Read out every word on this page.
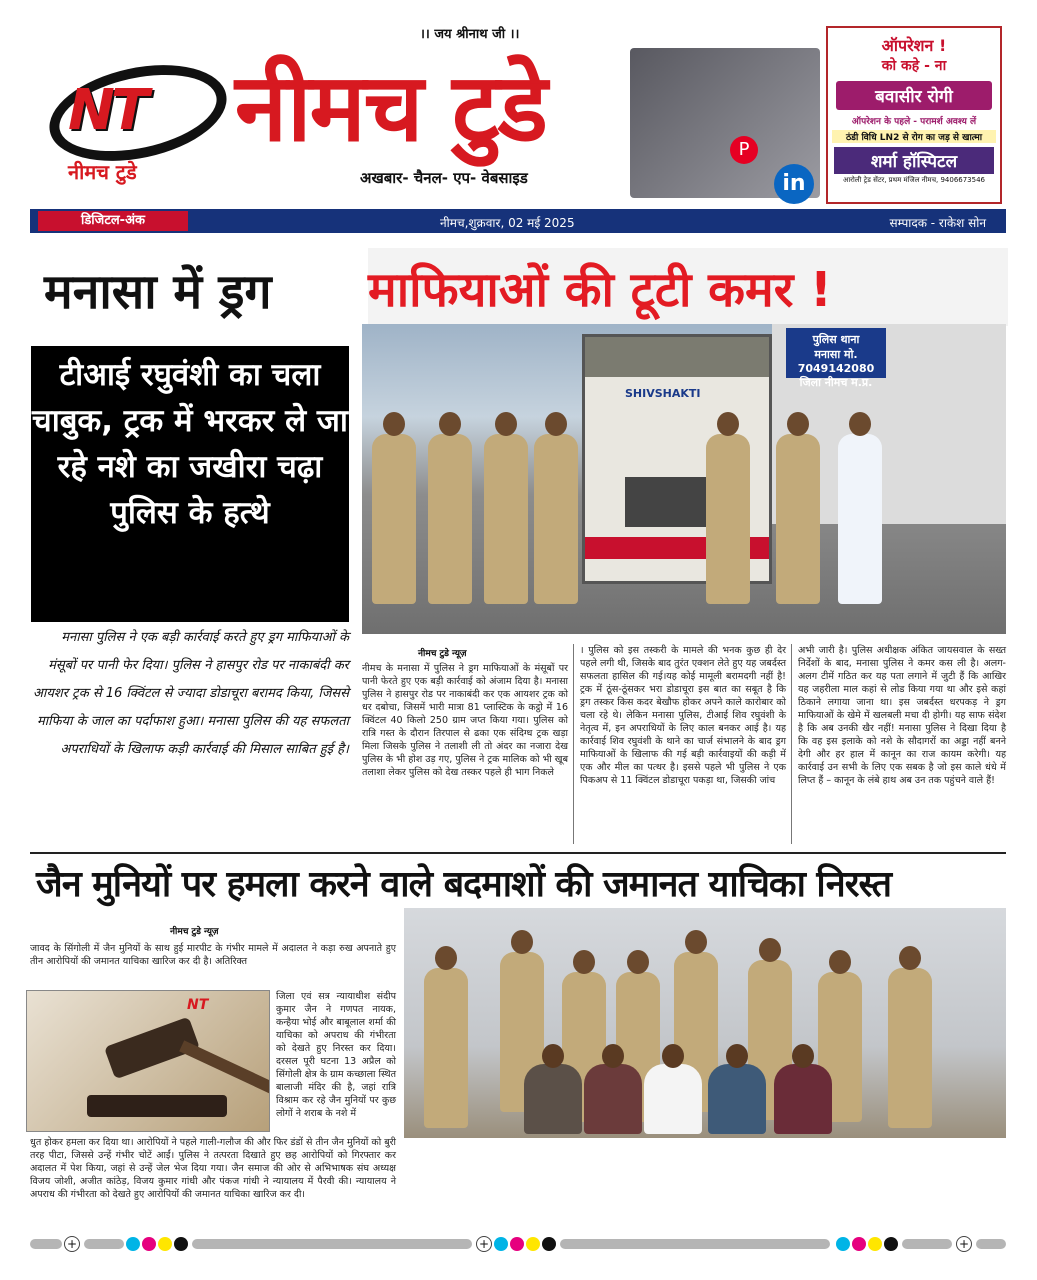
NT
नीमच टुडे
।। जय श्रीनाथ जी ।।
नीमच टुडे	P
in
अखबार- चैनल- एप- वेबसाइड
ऑपरेशन !
को कहे - ना
बवासीर रोगी
ऑपरेशन के पहले - परामर्श अवश्य लें
ठंडी विधि LN2 से रोग का जड़ से खात्मा
शर्मा हॉस्पिटल
आरोली ट्रेड सेंटर, प्रथम मंजिल नीमच, 9406673546
डिजिटल-अंक	नीमच,शुक्रवार, 02 मई 2025	सम्पादक - राकेश सोन
मनासा में ड्रग माफियाओं की टूटी कमर !
टीआई रघुवंशी का चला चाबुक, ट्रक में भरकर ले जा रहे नशे का जखीरा चढ़ा पुलिस के हत्थे
पुलिस थाना
मनासा मो. 7049142080
जिला नीमच म.प्र.
SHIVSHAKTI
मनासा पुलिस ने एक बड़ी कार्रवाई करते हुए ड्रग माफियाओं के मंसूबों पर पानी फेर दिया। पुलिस ने हासपुर रोड पर नाकाबंदी कर आयशर ट्रक से 16 क्विंटल से ज्यादा डोडाचूरा बरामद किया, जिससे माफिया के जाल का पर्दाफाश हुआ। मनासा पुलिस की यह सफलता अपराधियों के खिलाफ कड़ी कार्रवाई की मिसाल साबित हुई है।
नीमच टुडे न्यूज़
नीमच के मनासा में पुलिस ने ड्रग माफियाओं के मंसूबों पर पानी फेरते हुए एक बड़ी कार्रवाई को अंजाम दिया है। मनासा पुलिस ने हासपुर रोड पर नाकाबंदी कर एक आयशर ट्रक को धर दबोचा, जिसमें भारी मात्रा 81 प्लास्टिक के कट्ठो में 16 क्विंटल 40 किलो 250 ग्राम जप्त किया गया। पुलिस को रात्रि गस्त के दौरान तिरपाल से ढका एक संदिग्ध ट्रक खड़ा मिला जिसके पुलिस ने तलाशी ली तो अंदर का नजारा देख पुलिस के भी होश उड़ गए, पुलिस ने ट्रक मालिक को भी खूब तलाशा लेकर पुलिस को देख तस्कर पहले ही भाग निकले
। पुलिस को इस तस्करी के मामले की भनक कुछ ही देर पहले लगी थी, जिसके बाद तुरंत एक्शन लेते हुए यह जबर्दस्त सफलता हासिल की गई।यह कोई मामूली बरामदगी नहीं है! ट्रक में ठूंस-ठूंसकर भरा डोडाचूरा इस बात का सबूत है कि ड्रग तस्कर किस कदर बेखौफ होकर अपने काले कारोबार को चला रहे थे। लेकिन मनासा पुलिस, टीआई शिव रघुवंशी के नेतृत्व में, इन अपराधियों के लिए काल बनकर आई है। यह कार्रवाई शिव रघुवंशी के थाने का चार्ज संभालने के बाद ड्रग माफियाओं के खिलाफ की गई बड़ी कार्रवाइयों की कड़ी में एक और मील का पत्थर है। इससे पहले भी पुलिस ने एक पिकअप से 11 क्विंटल डोडाचूरा पकड़ा था, जिसकी जांच
अभी जारी है। पुलिस अधीक्षक अंकित जायसवाल के सख्त निर्देशों के बाद, मनासा पुलिस ने कमर कस ली है। अलग-अलग टीमें गठित कर यह पता लगाने में जुटी हैं कि आखिर यह जहरीला माल कहां से लोड किया गया था और इसे कहां ठिकाने लगाया जाना था। इस जबर्दस्त धरपकड़ ने ड्रग माफियाओं के खेमे में खलबली मचा दी होगी। यह साफ संदेश है कि अब उनकी खैर नहीं! मनासा पुलिस ने दिखा दिया है कि वह इस इलाके को नशे के सौदागरों का अड्डा नहीं बनने देगी और हर हाल में कानून का राज कायम करेगी। यह कार्रवाई उन सभी के लिए एक सबक है जो इस काले धंधे में लिप्त हैं – कानून के लंबे हाथ अब उन तक पहुंचने वाले हैं!
जैन मुनियों पर हमला करने वाले बदमाशों की जमानत याचिका निरस्त
नीमच टुडे न्यूज़
जावद के सिंगोली में जैन मुनियों के साथ हुई मारपीट के गंभीर मामले में अदालत ने कड़ा रुख अपनाते हुए तीन आरोपियों की जमानत याचिका खारिज कर दी है। अतिरिक्त
NT
जिला एवं सत्र न्यायाधीश संदीप कुमार जैन ने गणपत नायक, कन्हैया भोई और बाबूलाल शर्मा की याचिका को अपराध की गंभीरता को देखते हुए निरस्त कर दिया। दरसल पूरी घटना 13 अप्रैल को सिंगोली क्षेत्र के ग्राम कच्छाला स्थित बालाजी मंदिर की है, जहां रात्रि विश्राम कर रहे जैन मुनियों पर कुछ लोगों ने शराब के नशे में
धुत होकर हमला कर दिया था। आरोपियों ने पहले गाली-गलौज की और फिर डंडों से तीन जैन मुनियों को बुरी तरह पीटा, जिससे उन्हें गंभीर चोटें आईं। पुलिस ने तत्परता दिखाते हुए छह आरोपियों को गिरफ्तार कर अदालत में पेश किया, जहां से उन्हें जेल भेज दिया गया। जैन समाज की ओर से अभिभाषक संघ अध्यक्ष विजय जोशी, अजीत कांठेड़, विजय कुमार गांधी और पंकज गांधी ने न्यायालय में पैरवी की। न्यायालय ने अपराध की गंभीरता को देखते हुए आरोपियों की जमानत याचिका खारिज कर दी।
+	+	+
